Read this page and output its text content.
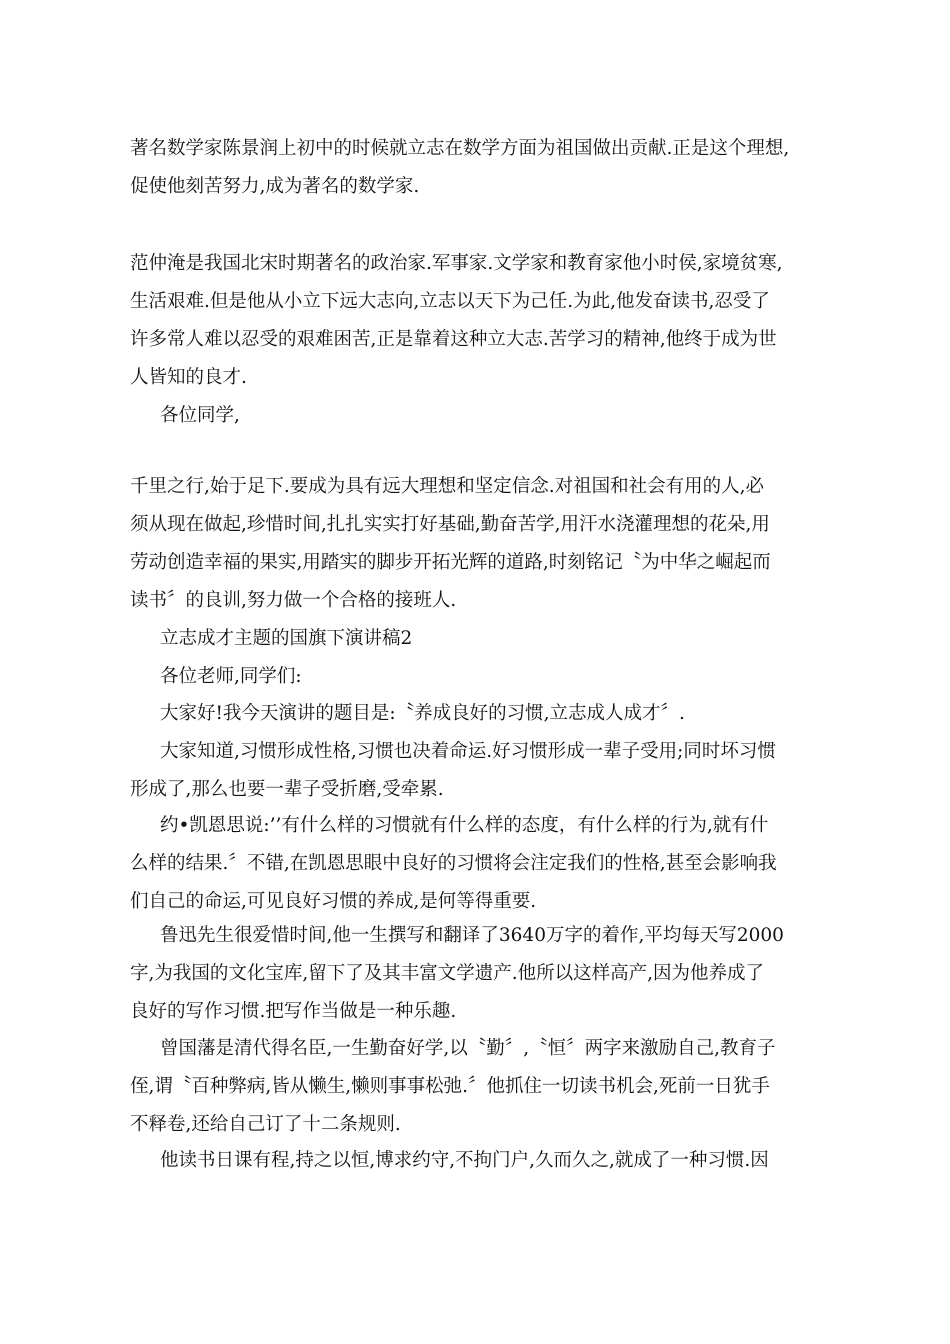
著名数学家陈景润上初中的时候就立志在数学方面为祖国做出贡献.正是这个理想,
促使他刻苦努力,成为著名的数学家.
范仲淹是我国北宋时期著名的政治家.军事家.文学家和教育家他小时侯,家境贫寒,
生活艰难.但是他从小立下远大志向,立志以天下为己任.为此,他发奋读书,忍受了
许多常人难以忍受的艰难困苦,正是靠着这种立大志.苦学习的精神,他终于成为世
人皆知的良才.
各位同学,
千里之行,始于足下.要成为具有远大理想和坚定信念.对祖国和社会有用的人,必
须从现在做起,珍惜时间,扎扎实实打好基础,勤奋苦学,用汗水浇灌理想的花朵,用
劳动创造幸福的果实,用踏实的脚步开拓光辉的道路,时刻铭记〝为中华之崛起而
读书〞的良训,努力做一个合格的接班人.
立志成才主题的国旗下演讲稿2
各位老师,同学们:
大家好!我今天演讲的题目是:〝养成良好的习惯,立志成人成才〞.
大家知道,习惯形成性格,习惯也决着命运.好习惯形成一辈子受用;同时坏习惯
形成了,那么也要一辈子受折磨,受牵累.
约•凯恩思说:’’有什么样的习惯就有什么样的态度，有什么样的行为,就有什
么样的结果.〞不错,在凯恩思眼中良好的习惯将会注定我们的性格,甚至会影响我
们自己的命运,可见良好习惯的养成,是何等得重要.
鲁迅先生很爱惜时间,他一生撰写和翻译了3640万字的着作,平均每天写2000
字,为我国的文化宝库,留下了及其丰富文学遗产.他所以这样高产,因为他养成了
良好的写作习惯.把写作当做是一种乐趣.
曾国藩是清代得名臣,一生勤奋好学,以〝勤〞,〝恒〞两字来激励自己,教育子
侄,谓〝百种弊病,皆从懒生,懒则事事松弛.〞他抓住一切读书机会,死前一日犹手
不释卷,还给自己订了十二条规则.
他读书日课有程,持之以恒,博求约守,不拘门户,久而久之,就成了一种习惯.因
